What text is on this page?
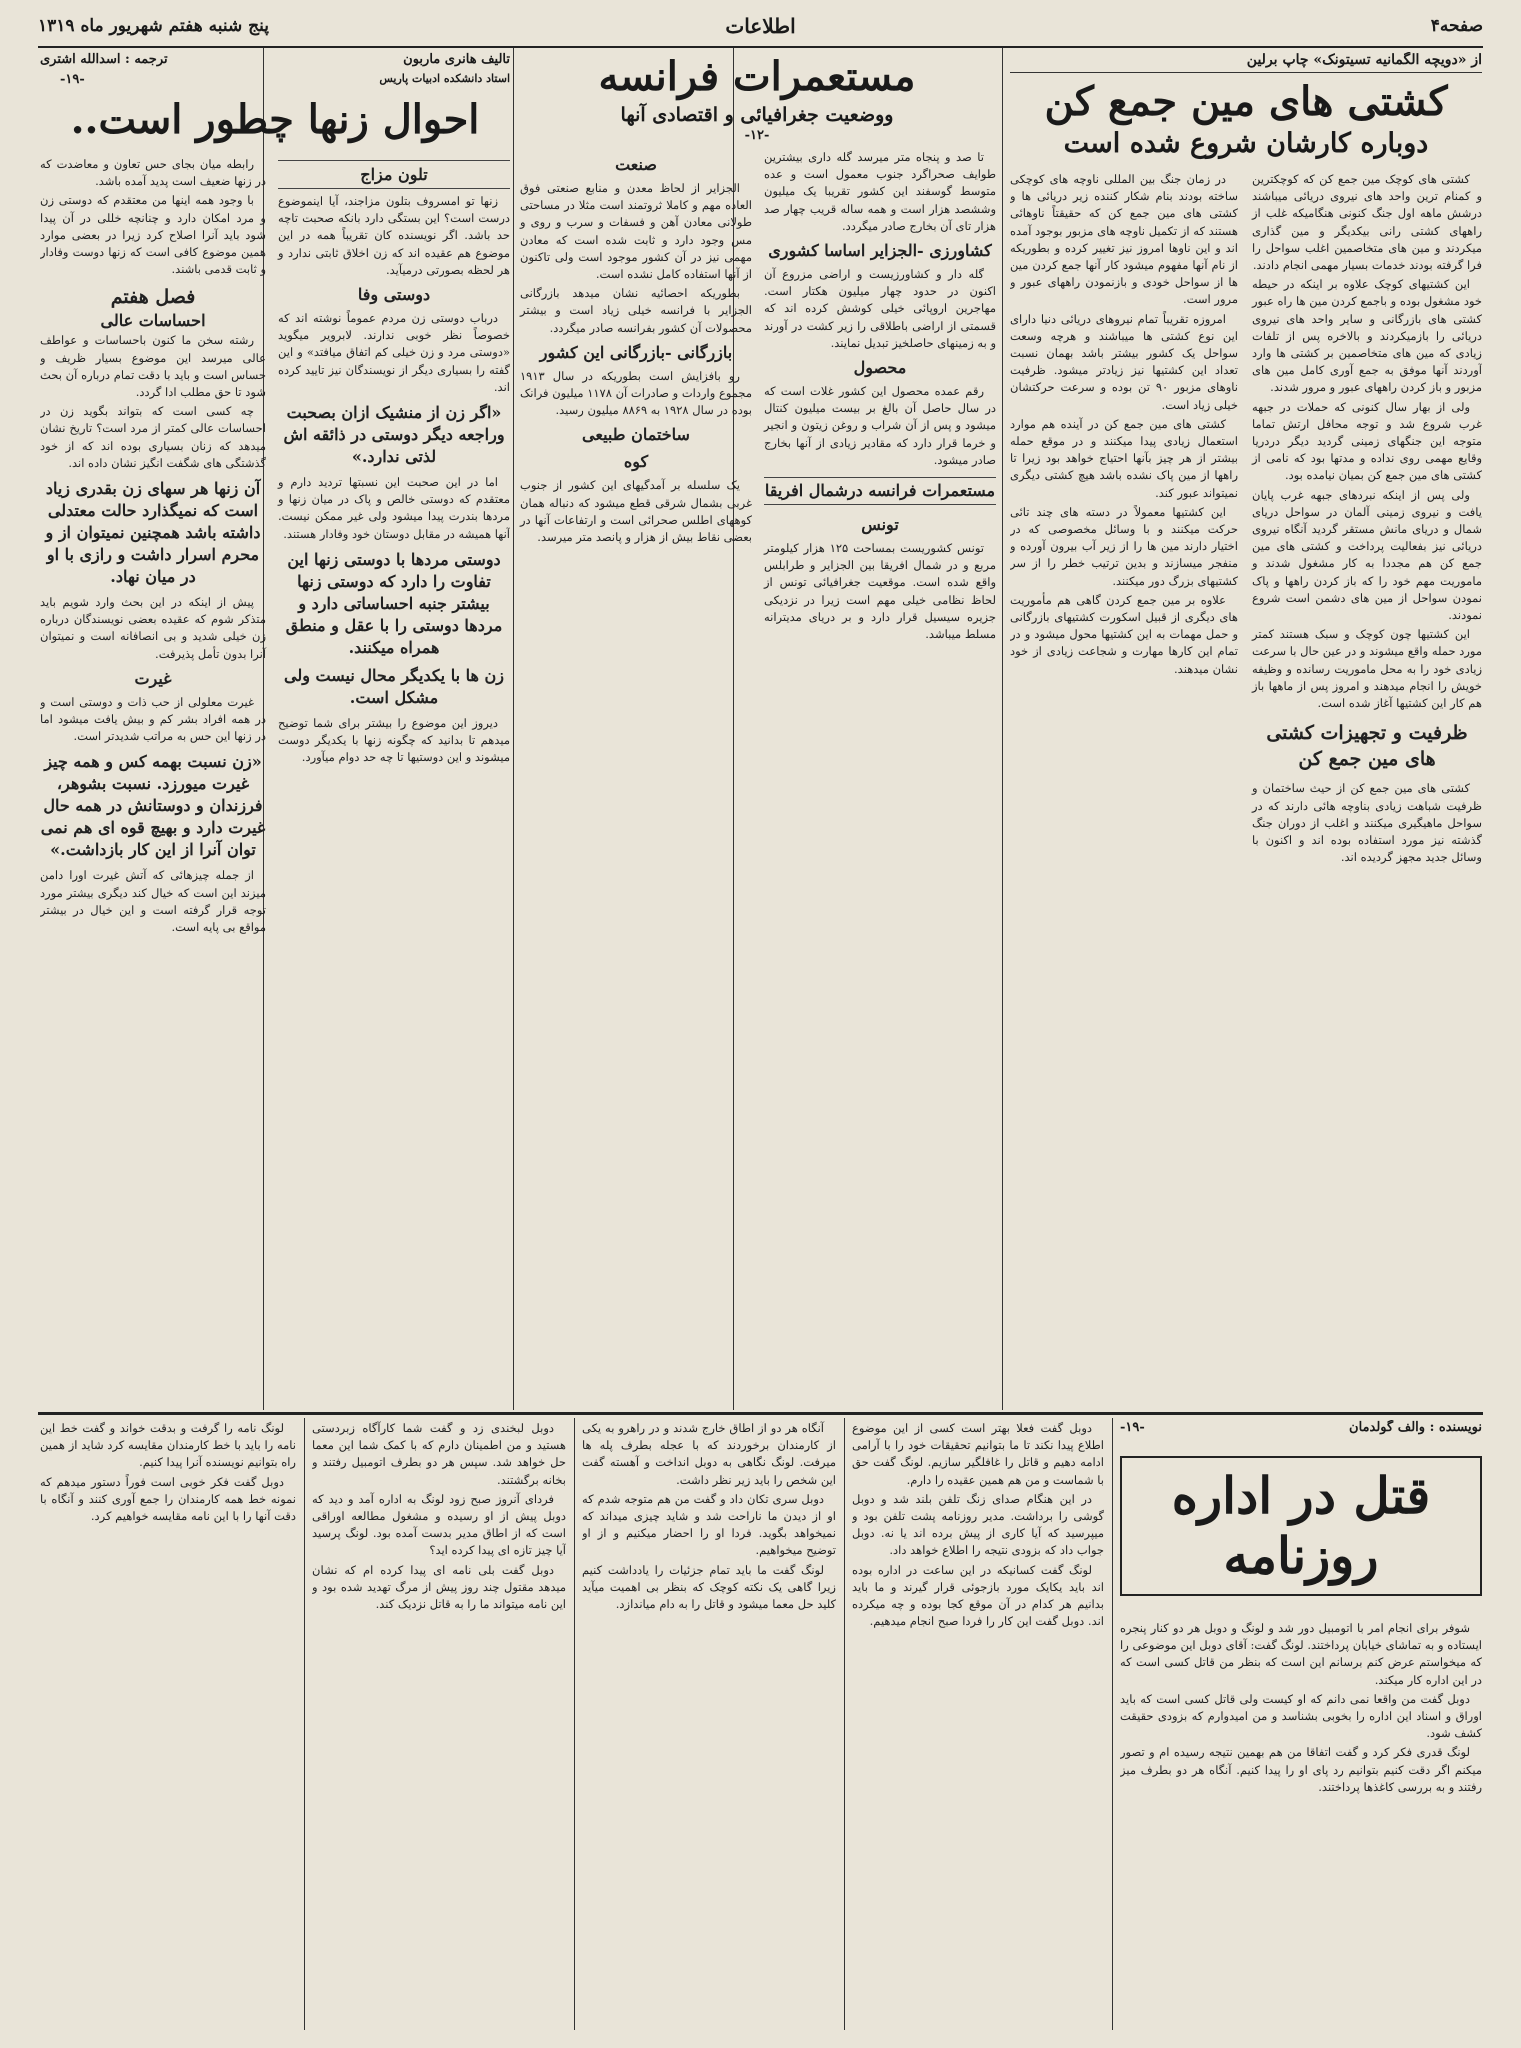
صفحه۴
اطلاعات
پنج شنبه هفتم شهریور ماه ۱۳۱۹
از «دویچه الگمانیه تسیتونک» چاپ برلین
کشتی های مین جمع کن
دوباره کارشان شروع شده است

کشتی های کوچک مین جمع کن که کوچکترین و کمنام ترین واحد های نیروی دریائی میباشند درشش ماهه اول جنگ کنونی هنگامیکه غلب از راههای کشتی رانی بیکدیگر و مین گذاری میکردند و مین های متخاصمین اغلب سواحل را فرا گرفته بودند خدمات بسیار مهمی انجام دادند.

این کشتیهای کوچک علاوه بر اینکه در حیطه خود مشغول بوده و باجمع کردن مین ها راه عبور کشتی های بازرگانی و سایر واحد های نیروی دریائی را بازمیکردند و بالاخره پس از تلفات زیادی که مین های متخاصمین بر کشتی ها وارد آوردند آنها موفق به جمع آوری کامل مین های مزبور و باز کردن راههای عبور و مرور شدند.

ولی از بهار سال کنونی که حملات در جبهه غرب شروع شد و توجه محافل ارتش تماما متوجه این جنگهای زمینی گردید دیگر دردریا وقایع مهمی روی نداده و مدتها بود که نامی از کشتی های مین جمع کن بمیان نیامده بود.

ولی پس از اینکه نبردهای جبهه غرب پایان یافت و نیروی زمینی آلمان در سواحل دریای شمال و دریای مانش مستقر گردید آنگاه نیروی دریائی نیز بفعالیت پرداخت و کشتی های مین جمع کن هم مجددا به کار مشغول شدند و ماموریت مهم خود را که باز کردن راهها و پاک نمودن سواحل از مین های دشمن است شروع نمودند.

این کشتیها چون کوچک و سبک هستند کمتر مورد حمله واقع میشوند و در عین حال با سرعت زیادی خود را به محل ماموریت رسانده و وظیفه خویش را انجام میدهند و امروز پس از ماهها باز هم کار این کشتیها آغاز شده است.

ظرفیت و تجهیزات کشتی های مین جمع کن

کشتی های مین جمع کن از حیث ساختمان و ظرفیت شباهت زیادی بناوچه هائی دارند که در سواحل ماهیگیری میکنند و اغلب از دوران جنگ گذشته نیز مورد استفاده بوده اند و اکنون با وسائل جدید مجهز گردیده اند.

در زمان جنگ بین المللی ناوچه های کوچکی ساخته بودند بنام شکار کننده زیر دریائی ها و کشتی های مین جمع کن که حقیقتاً ناوهائی هستند که از تکمیل ناوچه های مزبور بوجود آمده اند و این ناوها امروز نیز تغییر کرده و بطوریکه از نام آنها مفهوم میشود کار آنها جمع کردن مین ها از سواحل خودی و بازنمودن راههای عبور و مرور است.

امروزه تقریباً تمام نیروهای دریائی دنیا دارای این نوع کشتی ها میباشند و هرچه وسعت سواحل یک کشور بیشتر باشد بهمان نسبت تعداد این کشتیها نیز زیادتر میشود. ظرفیت ناوهای مزبور ۹۰ تن بوده و سرعت حرکتشان خیلی زیاد است.

کشتی های مین جمع کن در آینده هم موارد استعمال زیادی پیدا میکنند و در موقع حمله بیشتر از هر چیز بآنها احتیاج خواهد بود زیرا تا راهها از مین پاک نشده باشد هیچ کشتی دیگری نمیتواند عبور کند.

این کشتیها معمولاً در دسته های چند تائی حرکت میکنند و با وسائل مخصوصی که در اختیار دارند مین ها را از زیر آب بیرون آورده و منفجر میسازند و بدین ترتیب خطر را از سر کشتیهای بزرگ دور میکنند.

علاوه بر مین جمع کردن گاهی هم مأموریت های دیگری از قبیل اسکورت کشتیهای بازرگانی و حمل مهمات به این کشتیها محول میشود و در تمام این کارها مهارت و شجاعت زیادی از خود نشان میدهند.

مستعمرات فرانسه
ووضعیت جغرافیائی و اقتصادی آنها
-۱۲-

تا صد و پنجاه متر میرسد گله داری بیشترین طوایف صحراگرد جنوب معمول است و عده متوسط گوسفند این کشور تقریبا یک میلیون وششصد هزار است و همه ساله قریب چهار صد هزار تای آن بخارج صادر میگردد.

کشاورزی -الجزایر اساسا کشوری

گله دار و کشاورزیست و اراضی مزروع آن اکنون در حدود چهار میلیون هکتار است. مهاجرین اروپائی خیلی کوشش کرده اند که قسمتی از اراضی باطلاقی را زیر کشت در آورند و به زمینهای حاصلخیز تبدیل نمایند.

محصول

رقم عمده محصول این کشور غلات است که در سال حاصل آن بالغ بر بیست میلیون کنتال میشود و پس از آن شراب و روغن زیتون و انجیر و خرما قرار دارد که مقادیر زیادی از آنها بخارج صادر میشود.

مستعمرات فرانسه درشمال افریقا
تونس

تونس کشوریست بمساحت ۱۲۵ هزار کیلومتر مربع و در شمال افریقا بین الجزایر و طرابلس واقع شده است. موقعیت جغرافیائی تونس از لحاظ نظامی خیلی مهم است زیرا در نزدیکی جزیره سیسیل قرار دارد و بر دریای مدیترانه مسلط میباشد.

صنعت

الجزایر از لحاظ معدن و منابع صنعتی فوق العاده مهم و کاملا ثروتمند است مثلا در مساحتی طولانی معادن آهن و فسفات و سرب و روی و مس وجود دارد و ثابت شده است که معادن مهمی نیز در آن کشور موجود است ولی تاکنون از آنها استفاده کامل نشده است.

بطوریکه احصائیه نشان میدهد بازرگانی الجزایر با فرانسه خیلی زیاد است و بیشتر محصولات آن کشور بفرانسه صادر میگردد.

بازرگانی -بازرگانی این کشور

رو بافزایش است بطوریکه در سال ۱۹۱۳ مجموع واردات و صادرات آن ۱۱۷۸ میلیون فرانک بوده در سال ۱۹۲۸ به ۸۸۶۹ میلیون رسید.

ساختمان طبیعی
کوه

یک سلسله بر آمدگیهای این کشور از جنوب غربی بشمال شرقی قطع میشود که دنباله همان کوههای اطلس صحرائی است و ارتفاعات آنها در بعضی نقاط بیش از هزار و پانصد متر میرسد.

تالیف هانری ماربون
استاد دانشکده ادبیات پاریس
ترجمه : اسدالله اشتری
-۱۹-
احوال زنها چطور است..
تلون مزاج

زنها تو امسروف بتلون مزاجند، آیا اینموضوع درست است؟ این بستگی دارد بانکه صحبت تاچه حد باشد. اگر نویسنده کان تقریباً همه در این موضوع هم عقیده اند که زن اخلاق ثابتی ندارد و هر لحظه بصورتی درمیآید.

دوستی وفا

درباب دوستی زن مردم عموماً نوشته اند که خصوصاً نظر خوبی ندارند. لابرویر میگوید «دوستی مرد و زن خیلی کم اتفاق میافتد» و این گفته را بسیاری دیگر از نویسندگان نیز تایید کرده اند.

«اگر زن از منشیک ازان بصحبت وراجعه دیگر دوستی در ذائقه اش لذتی ندارد.»

اما در این صحبت این نسبتها ترديد دارم و معتقدم که دوستی خالص و پاک در میان زنها و مردها بندرت پیدا میشود ولی غیر ممکن نیست. آنها همیشه در مقابل دوستان خود وفادار هستند.

دوستی مردها با دوستی زنها این تفاوت را دارد که دوستی زنها بیشتر جنبه احساساتی دارد و مردها دوستی را با عقل و منطق همراه میکنند.
زن ها با یکدیگر محال نیست ولی مشکل است.

دیروز این موضوع را بیشتر برای شما توضیح میدهم تا بدانید که چگونه زنها با یکدیگر دوست میشوند و این دوستیها تا چه حد دوام میآورد.

رابطه میان بجای حس تعاون و معاضدت که در زنها ضعیف است پدید آمده باشد.

با وجود همه اینها من معتقدم که دوستی زن و مرد امکان دارد و چنانچه خللی در آن پیدا شود باید آنرا اصلاح کرد زیرا در بعضی موارد همین موضوع کافی است که زنها دوست وفادار و ثابت قدمی باشند.

فصل هفتم
احساسات عالی

رشته سخن ما کنون باحساسات و عواطف عالی میرسد این موضوع بسیار ظریف و حساس است و باید با دقت تمام درباره آن بحث شود تا حق مطلب ادا گردد.

چه کسی است که بتواند بگوید زن در احساسات عالی کمتر از مرد است؟ تاریخ نشان میدهد که زنان بسیاری بوده اند که از خود گذشتگی های شگفت انگیز نشان داده اند.

آن زنها هر سهای زن بقدری زیاد است که نمیگذارد حالت معتدلی داشته باشد همچنین نمیتوان از و محرم اسرار داشت و رازی با او در میان نهاد.

پیش از اینکه در این بحث وارد شویم باید متذکر شوم که عقیده بعضی نویسندگان درباره زن خیلی شدید و بی انصافانه است و نمیتوان آنرا بدون تأمل پذیرفت.

غیرت

غیرت معلولی از حب ذات و دوستی است و در همه افراد بشر کم و بیش یافت میشود اما در زنها این حس به مراتب شدیدتر است.

«زن نسبت بهمه کس و همه چیز غیرت میورزد. نسبت بشوهر، فرزندان و دوستانش در همه حال غیرت دارد و بهیچ قوه ای هم نمی توان آنرا از این کار بازداشت.»

از جمله چیزهائی که آتش غیرت اورا دامن میزند این است که خیال کند دیگری بیشتر مورد توجه قرار گرفته است و این خیال در بیشتر مواقع بی پایه است.

نویسنده : والف گولدمان
-۱۹-
قتل در اداره روزنامه

شوفر برای انجام امر با اتومبیل دور شد و لونگ و دوبل هر دو کنار پنجره ایستاده و به تماشای خیابان پرداختند. لونگ گفت: آقای دوبل این موضوعی را که میخواستم عرض کنم برسانم این است که بنظر من قاتل کسی است که در این اداره کار میکند.

دوبل گفت من واقعا نمی دانم که او کیست ولی قاتل کسی است که باید اوراق و اسناد این اداره را بخوبی بشناسد و من امیدوارم که بزودی حقیقت کشف شود.

لونگ قدری فکر کرد و گفت اتفاقا من هم بهمین نتیجه رسیده ام و تصور میکنم اگر دقت کنیم بتوانیم رد پای او را پیدا کنیم. آنگاه هر دو بطرف میز رفتند و به بررسی کاغذها پرداختند.

دوبل گفت فعلا بهتر است کسی از این موضوع اطلاع پیدا نکند تا ما بتوانیم تحقیقات خود را با آرامی ادامه دهیم و قاتل را غافلگیر سازیم. لونگ گفت حق با شماست و من هم همین عقیده را دارم.

در این هنگام صدای زنگ تلفن بلند شد و دوبل گوشی را برداشت. مدیر روزنامه پشت تلفن بود و میپرسید که آیا کاری از پیش برده اند یا نه. دوبل جواب داد که بزودی نتیجه را اطلاع خواهد داد.

لونگ گفت کسانیکه در این ساعت در اداره بوده اند باید یکایک مورد بازجوئی قرار گیرند و ما باید بدانیم هر کدام در آن موقع کجا بوده و چه میکرده اند. دوبل گفت این کار را فردا صبح انجام میدهیم.

آنگاه هر دو از اطاق خارج شدند و در راهرو به یکی از کارمندان برخوردند که با عجله بطرف پله ها میرفت. لونگ نگاهی به دوبل انداخت و آهسته گفت این شخص را باید زیر نظر داشت.

دوبل سری تکان داد و گفت من هم متوجه شدم که او از دیدن ما ناراحت شد و شاید چیزی میداند که نمیخواهد بگوید. فردا او را احضار میکنیم و از او توضیح میخواهیم.

لونگ گفت ما باید تمام جزئیات را یادداشت کنیم زیرا گاهی یک نکته کوچک که بنظر بی اهمیت میآید کلید حل معما میشود و قاتل را به دام میاندازد.

دوبل لبخندی زد و گفت شما کارآگاه زبردستی هستید و من اطمینان دارم که با کمک شما این معما حل خواهد شد. سپس هر دو بطرف اتومبیل رفتند و بخانه برگشتند.

فردای آنروز صبح زود لونگ به اداره آمد و دید که دوبل پیش از او رسیده و مشغول مطالعه اوراقی است که از اطاق مدیر بدست آمده بود. لونگ پرسید آیا چیز تازه ای پیدا کرده اید؟

دوبل گفت بلی نامه ای پیدا کرده ام که نشان میدهد مقتول چند روز پیش از مرگ تهدید شده بود و این نامه میتواند ما را به قاتل نزدیک کند.

لونگ نامه را گرفت و بدقت خواند و گفت خط این نامه را باید با خط کارمندان مقایسه کرد شاید از همین راه بتوانیم نویسنده آنرا پیدا کنیم.

دوبل گفت فکر خوبی است فوراً دستور میدهم که نمونه خط همه کارمندان را جمع آوری کنند و آنگاه با دقت آنها را با این نامه مقایسه خواهیم کرد.
